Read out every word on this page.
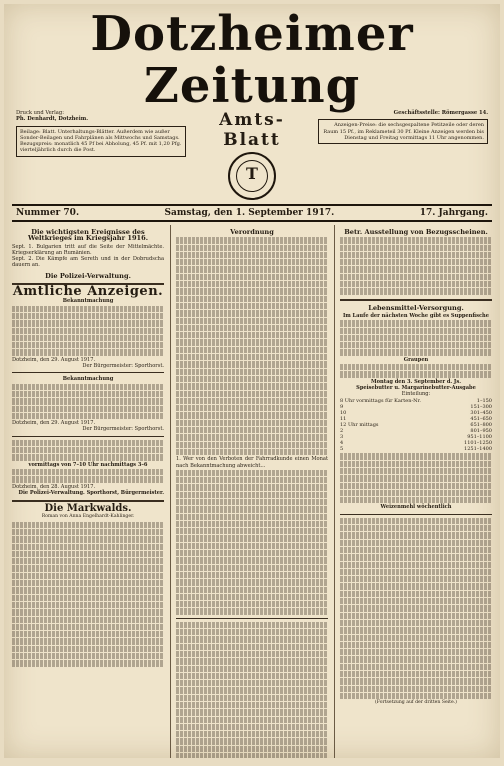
Dotzheimer Zeitung
Druck und Verlag:
Ph. Denhardt, Dotzheim.
Beilage: Blatt. Unterhaltungs-Blätter. Außerdem wie außer Sonder-Beilagen und Fahrplänen als Mittwochs und Samstags. Bezugspreis: monatlich 45 Pf bei Abholung, 45 Pf. mit 1,20 Pfg. vierteljährlich durch die Post.
Amts-Blatt
T
Geschäftsstelle: Römergasse 14.
Anzeigen-Preise: die sechsgespaltene Petitzeile oder deren Raum 15 Pf., im Reklameteil 30 Pf. Kleine Anzeigen werden bis Dienstag und Freitag vormittags 11 Uhr angenommen.
Nummer 70.	Samstag, den 1. September 1917.	17. Jahrgang.
Die wichtigsten Ereignisse des Weltkrieges im Kriegsjahr 1916.
Sept. 1. Bulgarien tritt auf die Seite der Mittelmächte. Kriegserklärung an Rumänien.
Sept. 2. Die Kämpfe am Sereth und in der Dobrudscha dauern an.
Die Polizei-Verwaltung.
Amtliche Anzeigen.
Bekanntmachung
Dotzheim, den 29. August 1917.
Der Bürgermeister: Sporthorst.
Bekanntmachung
Dotzheim, den 29. August 1917.
Der Bürgermeister: Sporthorst.
vormittags von 7–10 Uhr nachmittags 3–6
Dotzheim, den 28. August 1917.
Die Polizei-Verwaltung. Sporthorst, Bürgermeister.
Die Markwalds.
Roman von Anna Engelhardt-Kahlinger.
Verordnung
1. Wer von den Verboten der Fahrradkunde einen Monat nach Bekanntmachung abweicht...
Betr. Ausstellung von Bezugsscheinen.
Lebensmittel-Versorgung.
Im Laufe der nächsten Woche gibt es Suppenfische
Graupen
Montag den 3. September d. Js.
Speisebutter u. Margarinebutter-Ausgabe
Einteilung:
8 Uhr vormittags für Karten-Nr.	1–150
9	151–300
10	301–450
11	451–650
12 Uhr mittags	651–800
2	801–950
3	951–1100
4	1101–1250
5	1251–1400
Weizenmehl wöchentlich
(Fortsetzung auf der dritten Seite.)
